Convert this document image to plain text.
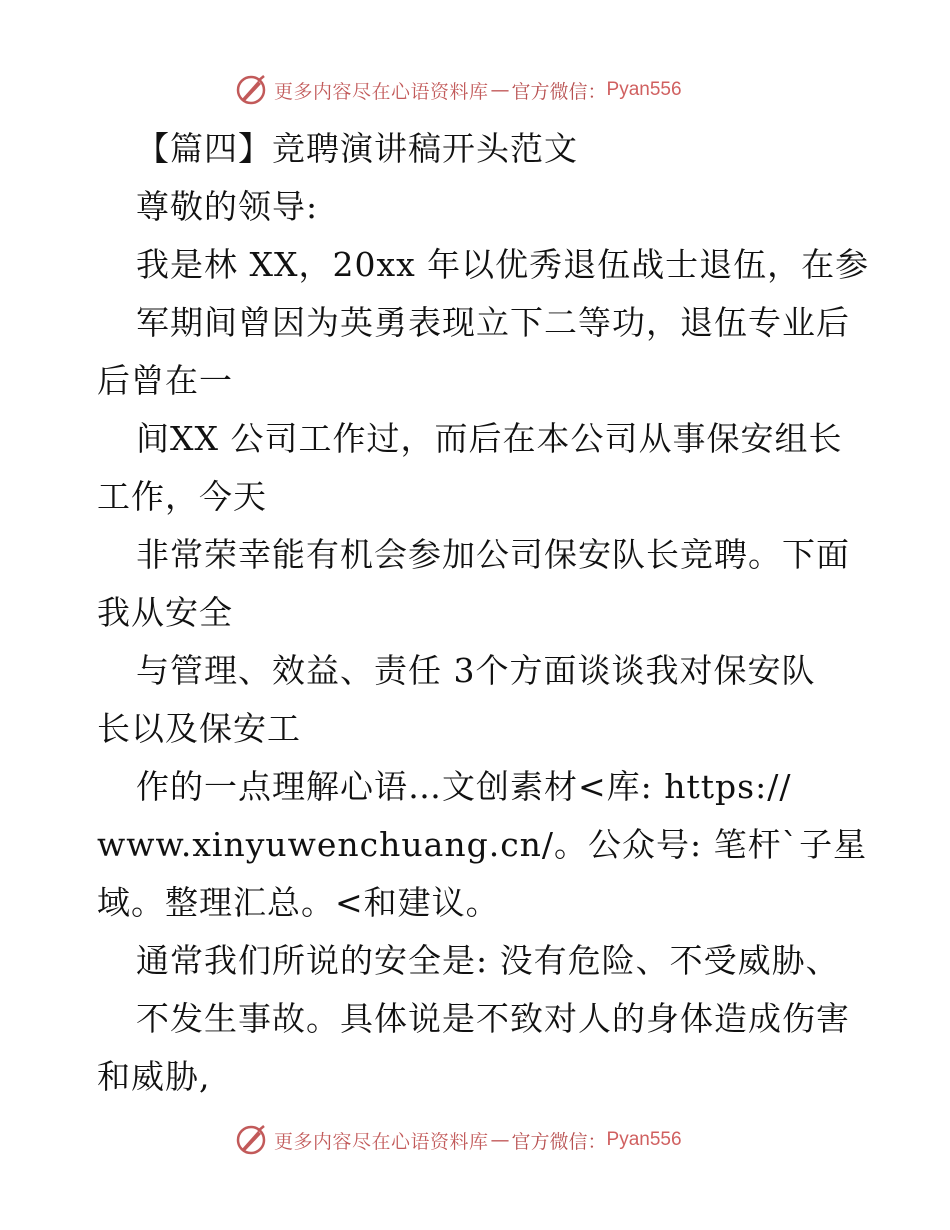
更多内容尽在心语资料库 — 官方微信： Pyan556
【篇四】竞聘演讲稿开头范文
尊敬的领导:
我是林 XX，20xx 年以优秀退伍战士退伍，在参
军期间曾因为英勇表现立下二等功，退伍专业后
后曾在一
间XX 公司工作过，而后在本公司从事保安组长
工作，今天
非常荣幸能有机会参加公司保安队长竞聘。下面
我从安全
与管理、效益、责任 3个方面谈谈我对保安队
长以及保安工
作的一点理解心语…文创素材<库: https://
www.xinyuwenchuang.cn/。公众号: 笔杆`子星
域。整理汇总。<和建议。
通常我们所说的安全是: 没有危险、不受威胁、
不发生事故。具体说是不致对人的身体造成伤害
和威胁,
更多内容尽在心语资料库 — 官方微信： Pyan556
